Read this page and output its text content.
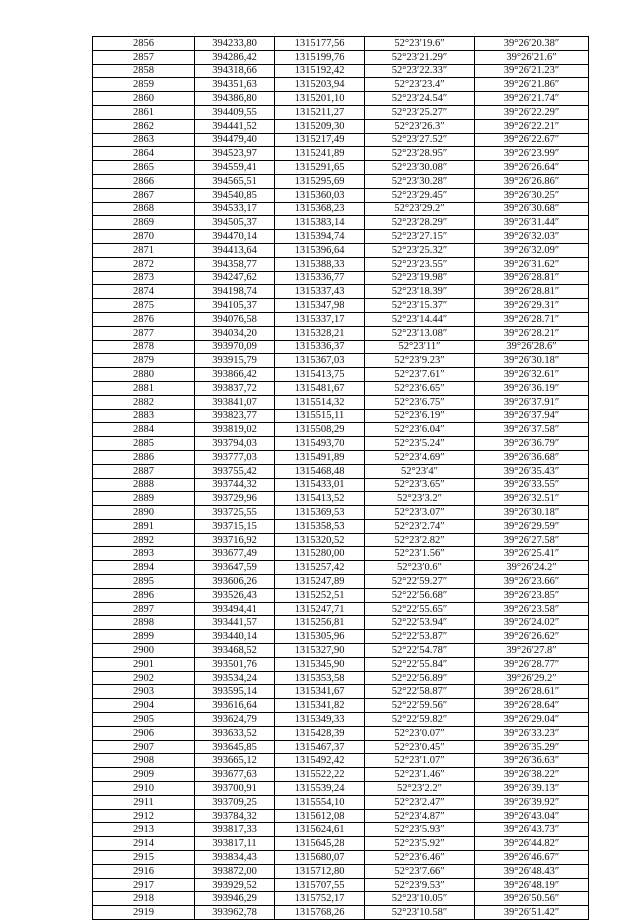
2856	394233,80	1315177,56	52°23′19.6″	39°26′20.38″
2857	394286,42	1315199,76	52°23′21.29″	39°26′21.6″
2858	394318,66	1315192,42	52°23′22.33″	39°26′21.23″
2859	394351,63	1315203,94	52°23′23.4″	39°26′21.86″
2860	394386,80	1315201,10	52°23′24.54″	39°26′21.74″
2861	394409,55	1315211,27	52°23′25.27″	39°26′22.29″
2862	394441,52	1315209,30	52°23′26.3″	39°26′22.21″
2863	394479,40	1315217,49	52°23′27.52″	39°26′22.67″
2864	394523,97	1315241,89	52°23′28.95″	39°26′23.99″
2865	394559,41	1315291,65	52°23′30.08″	39°26′26.64″
2866	394565,51	1315295,69	52°23′30.28″	39°26′26.86″
2867	394540,85	1315360,03	52°23′29.45″	39°26′30.25″
2868	394533,17	1315368,23	52°23′29.2″	39°26′30.68″
2869	394505,37	1315383,14	52°23′28.29″	39°26′31.44″
2870	394470,14	1315394,74	52°23′27.15″	39°26′32.03″
2871	394413,64	1315396,64	52°23′25.32″	39°26′32.09″
2872	394358,77	1315388,33	52°23′23.55″	39°26′31.62″
2873	394247,62	1315336,77	52°23′19.98″	39°26′28.81″
2874	394198,74	1315337,43	52°23′18.39″	39°26′28.81″
2875	394105,37	1315347,98	52°23′15.37″	39°26′29.31″
2876	394076,58	1315337,17	52°23′14.44″	39°26′28.71″
2877	394034,20	1315328,21	52°23′13.08″	39°26′28.21″
2878	393970,09	1315336,37	52°23′11″	39°26′28.6″
2879	393915,79	1315367,03	52°23′9.23″	39°26′30.18″
2880	393866,42	1315413,75	52°23′7.61″	39°26′32.61″
2881	393837,72	1315481,67	52°23′6.65″	39°26′36.19″
2882	393841,07	1315514,32	52°23′6.75″	39°26′37.91″
2883	393823,77	1315515,11	52°23′6.19″	39°26′37.94″
2884	393819,02	1315508,29	52°23′6.04″	39°26′37.58″
2885	393794,03	1315493,70	52°23′5.24″	39°26′36.79″
2886	393777,03	1315491,89	52°23′4.69″	39°26′36.68″
2887	393755,42	1315468,48	52°23′4″	39°26′35.43″
2888	393744,32	1315433,01	52°23′3.65″	39°26′33.55″
2889	393729,96	1315413,52	52°23′3.2″	39°26′32.51″
2890	393725,55	1315369,53	52°23′3.07″	39°26′30.18″
2891	393715,15	1315358,53	52°23′2.74″	39°26′29.59″
2892	393716,92	1315320,52	52°23′2.82″	39°26′27.58″
2893	393677,49	1315280,00	52°23′1.56″	39°26′25.41″
2894	393647,59	1315257,42	52°23′0.6″	39°26′24.2″
2895	393606,26	1315247,89	52°22′59.27″	39°26′23.66″
2896	393526,43	1315252,51	52°22′56.68″	39°26′23.85″
2897	393494,41	1315247,71	52°22′55.65″	39°26′23.58″
2898	393441,57	1315256,81	52°22′53.94″	39°26′24.02″
2899	393440,14	1315305,96	52°22′53.87″	39°26′26.62″
2900	393468,52	1315327,90	52°22′54.78″	39°26′27.8″
2901	393501,76	1315345,90	52°22′55.84″	39°26′28.77″
2902	393534,24	1315353,58	52°22′56.89″	39°26′29.2″
2903	393595,14	1315341,67	52°22′58.87″	39°26′28.61″
2904	393616,64	1315341,82	52°22′59.56″	39°26′28.64″
2905	393624,79	1315349,33	52°22′59.82″	39°26′29.04″
2906	393633,52	1315428,39	52°23′0.07″	39°26′33.23″
2907	393645,85	1315467,37	52°23′0.45″	39°26′35.29″
2908	393665,12	1315492,42	52°23′1.07″	39°26′36.63″
2909	393677,63	1315522,22	52°23′1.46″	39°26′38.22″
2910	393700,91	1315539,24	52°23′2.2″	39°26′39.13″
2911	393709,25	1315554,10	52°23′2.47″	39°26′39.92″
2912	393784,32	1315612,08	52°23′4.87″	39°26′43.04″
2913	393817,33	1315624,61	52°23′5.93″	39°26′43.73″
2914	393817,11	1315645,28	52°23′5.92″	39°26′44.82″
2915	393834,43	1315680,07	52°23′6.46″	39°26′46.67″
2916	393872,00	1315712,80	52°23′7.66″	39°26′48.43″
2917	393929,52	1315707,55	52°23′9.53″	39°26′48.19″
2918	393946,29	1315752,17	52°23′10.05″	39°26′50.56″
2919	393962,78	1315768,26	52°23′10.58″	39°26′51.42″
